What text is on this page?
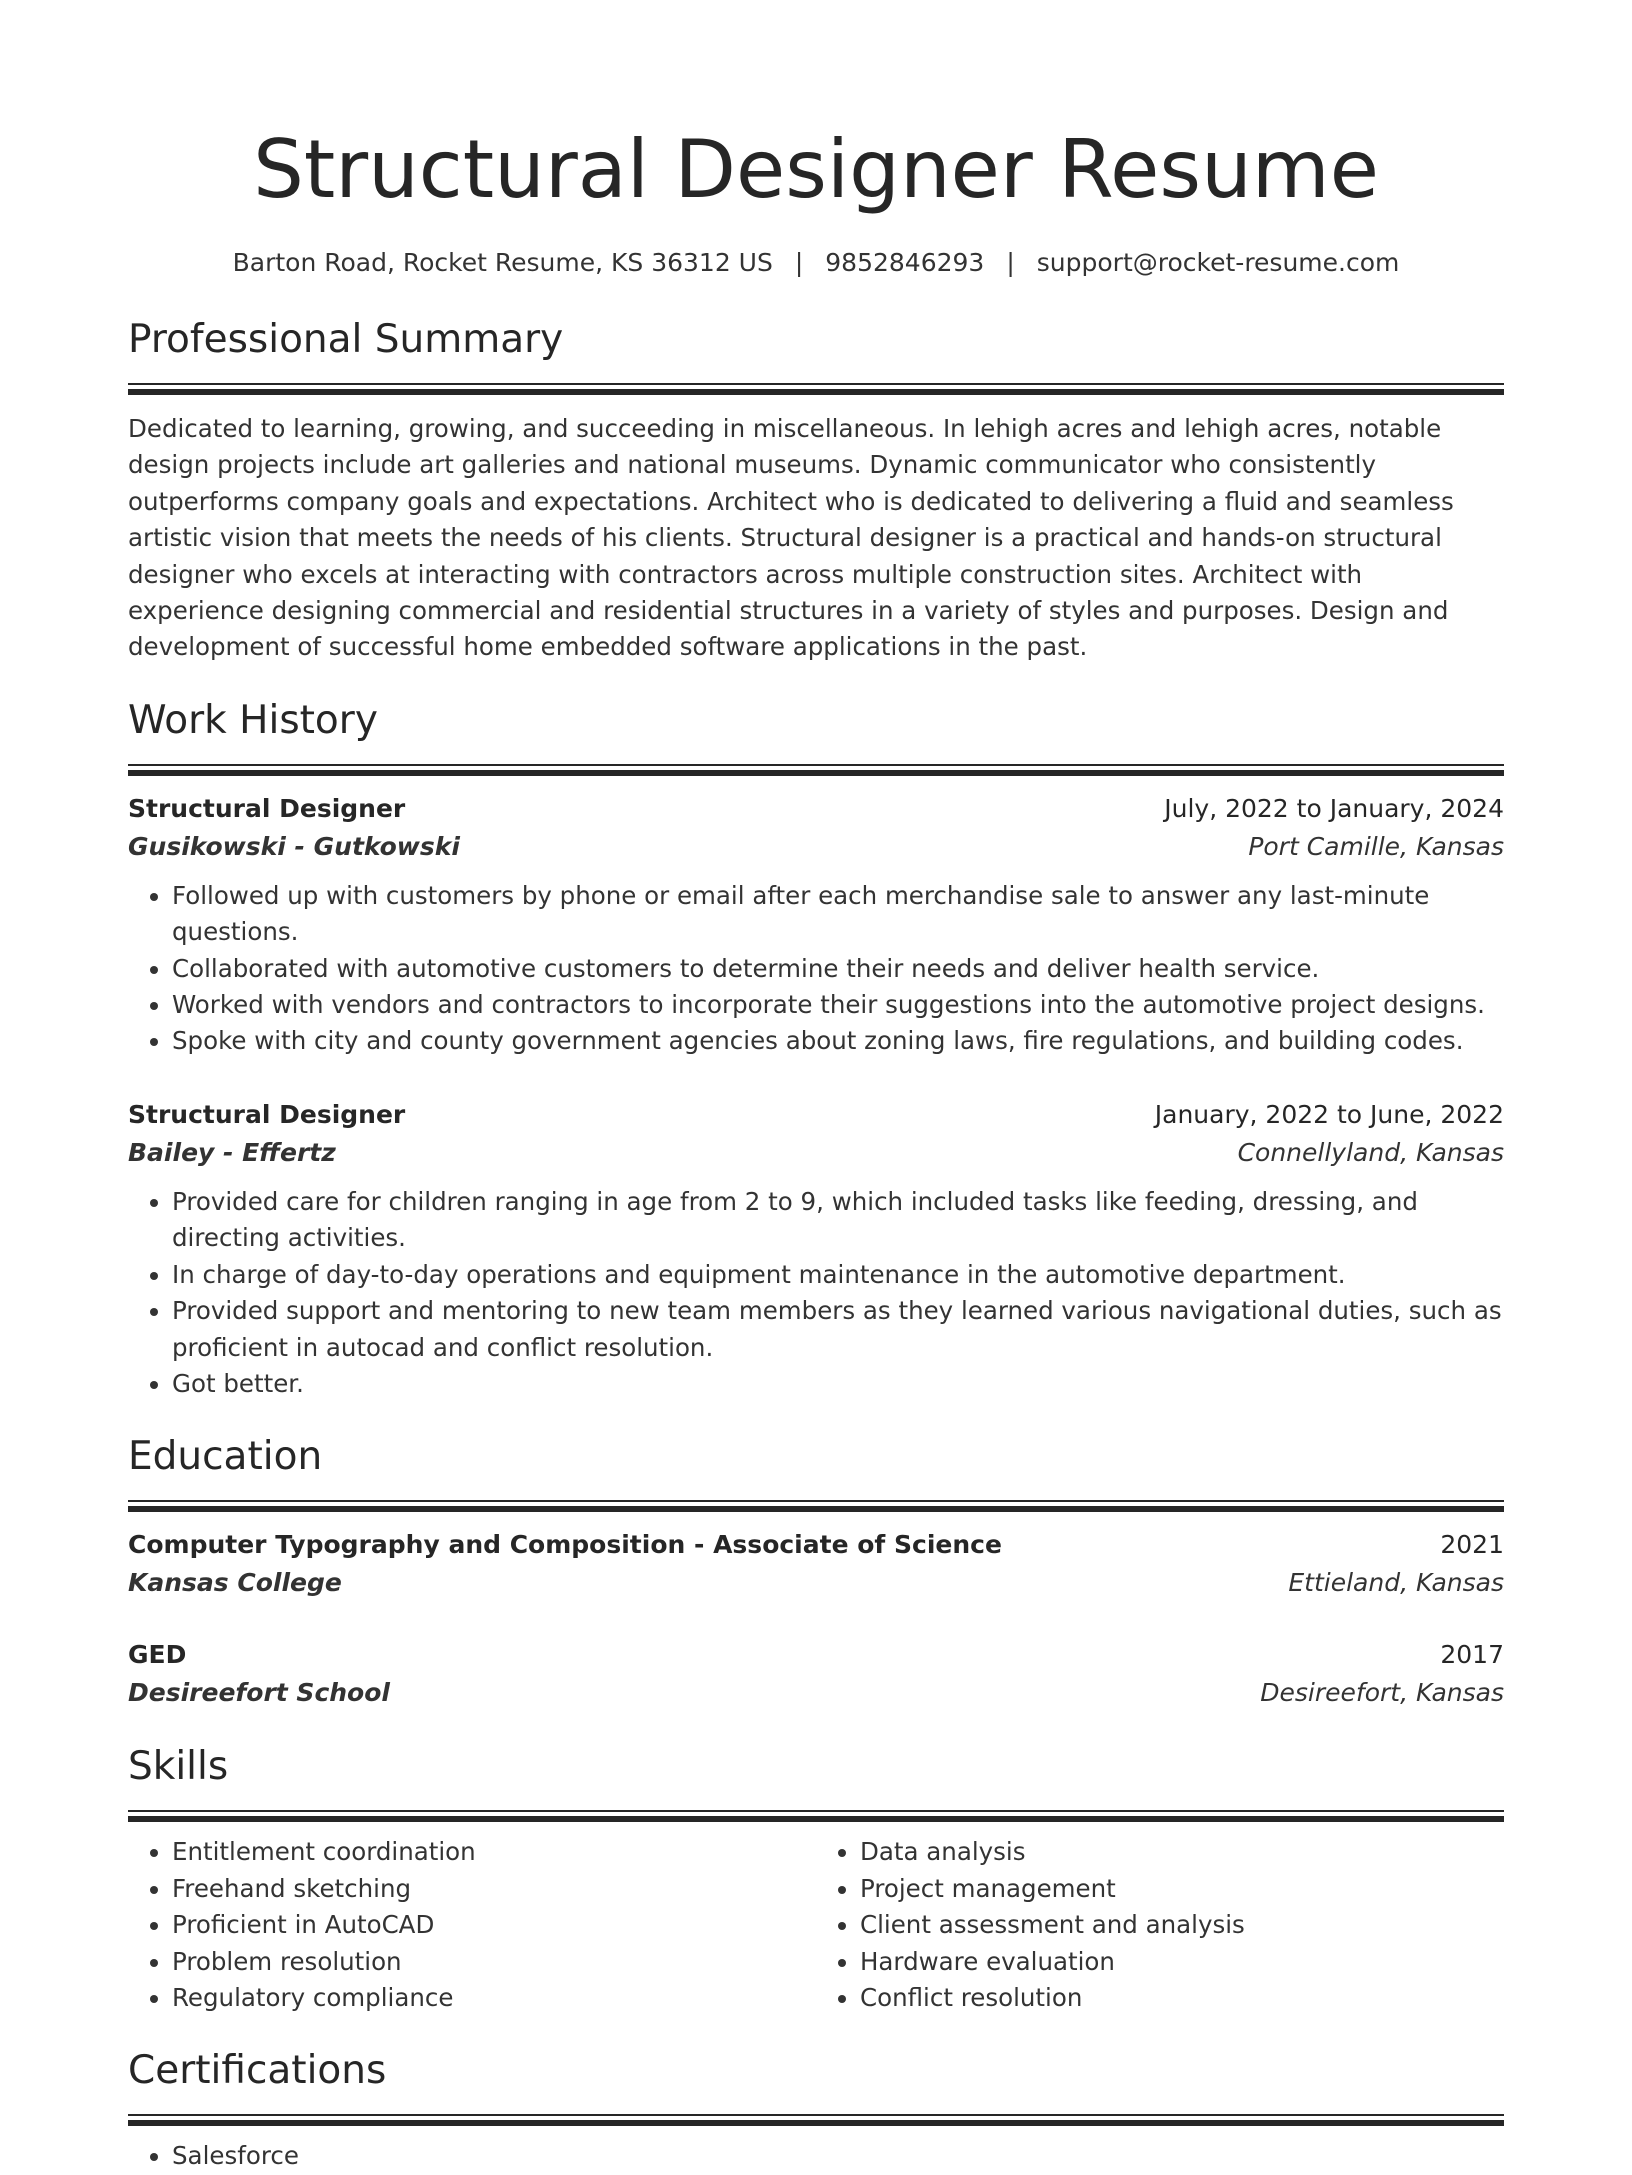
Structural Designer Resume
Barton Road, Rocket Resume, KS 36312 US | 9852846293 | support@rocket-resume.com
Professional Summary

Dedicated to learning, growing, and succeeding in miscellaneous. In lehigh acres and lehigh acres, notable design projects include art galleries and national museums. Dynamic communicator who consistently outperforms company goals and expectations. Architect who is dedicated to delivering a fluid and seamless artistic vision that meets the needs of his clients. Structural designer is a practical and hands-on structural designer who excels at interacting with contractors across multiple construction sites. Architect with experience designing commercial and residential structures in a variety of styles and purposes. Design and development of successful home embedded software applications in the past.

Work History
Structural Designer	July, 2022 to January, 2024
Gusikowski - Gutkowski	Port Camille, Kansas
• Followed up with customers by phone or email after each merchandise sale to answer any last-minute questions.
• Collaborated with automotive customers to determine their needs and deliver health service.
• Worked with vendors and contractors to incorporate their suggestions into the automotive project designs.
• Spoke with city and county government agencies about zoning laws, fire regulations, and building codes.
Structural Designer	January, 2022 to June, 2022
Bailey - Effertz	Connellyland, Kansas
• Provided care for children ranging in age from 2 to 9, which included tasks like feeding, dressing, and directing activities.
• In charge of day-to-day operations and equipment maintenance in the automotive department.
• Provided support and mentoring to new team members as they learned various navigational duties, such as proficient in autocad and conflict resolution.
• Got better.
Education
Computer Typography and Composition - Associate of Science	2021
Kansas College	Ettieland, Kansas
GED	2017
Desireefort School	Desireefort, Kansas
Skills
• Entitlement coordination
• Freehand sketching
• Proficient in AutoCAD
• Problem resolution
• Regulatory compliance
• Data analysis
• Project management
• Client assessment and analysis
• Hardware evaluation
• Conflict resolution
Certifications
• Salesforce
